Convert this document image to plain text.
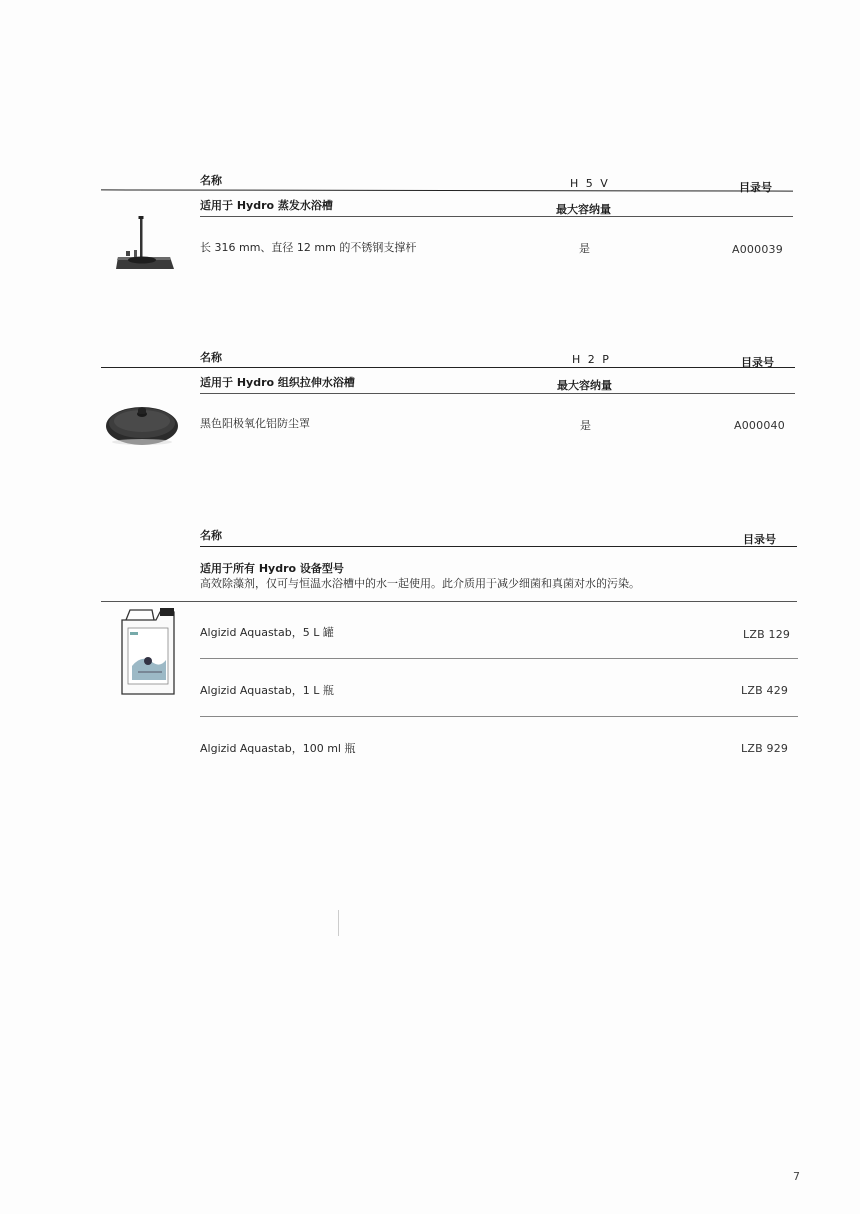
名称	H 5 V	目录号
适用于 Hydro 蒸发水浴槽	最大容纳量
长 316 mm、直径 12 mm 的不锈钢支撑杆	是	A000039
名称	H 2 P	目录号
适用于 Hydro 组织拉伸水浴槽	最大容纳量
黑色阳极氧化铝防尘罩	是	A000040
名称	目录号
适用于所有 Hydro 设备型号
高效除藻剂，仅可与恒温水浴槽中的水一起使用。此介质用于减少细菌和真菌对水的污染。
Algizid Aquastab，5 L 罐	LZB 129
Algizid Aquastab，1 L 瓶	LZB 429
Algizid Aquastab，100 ml 瓶	LZB 929
7
